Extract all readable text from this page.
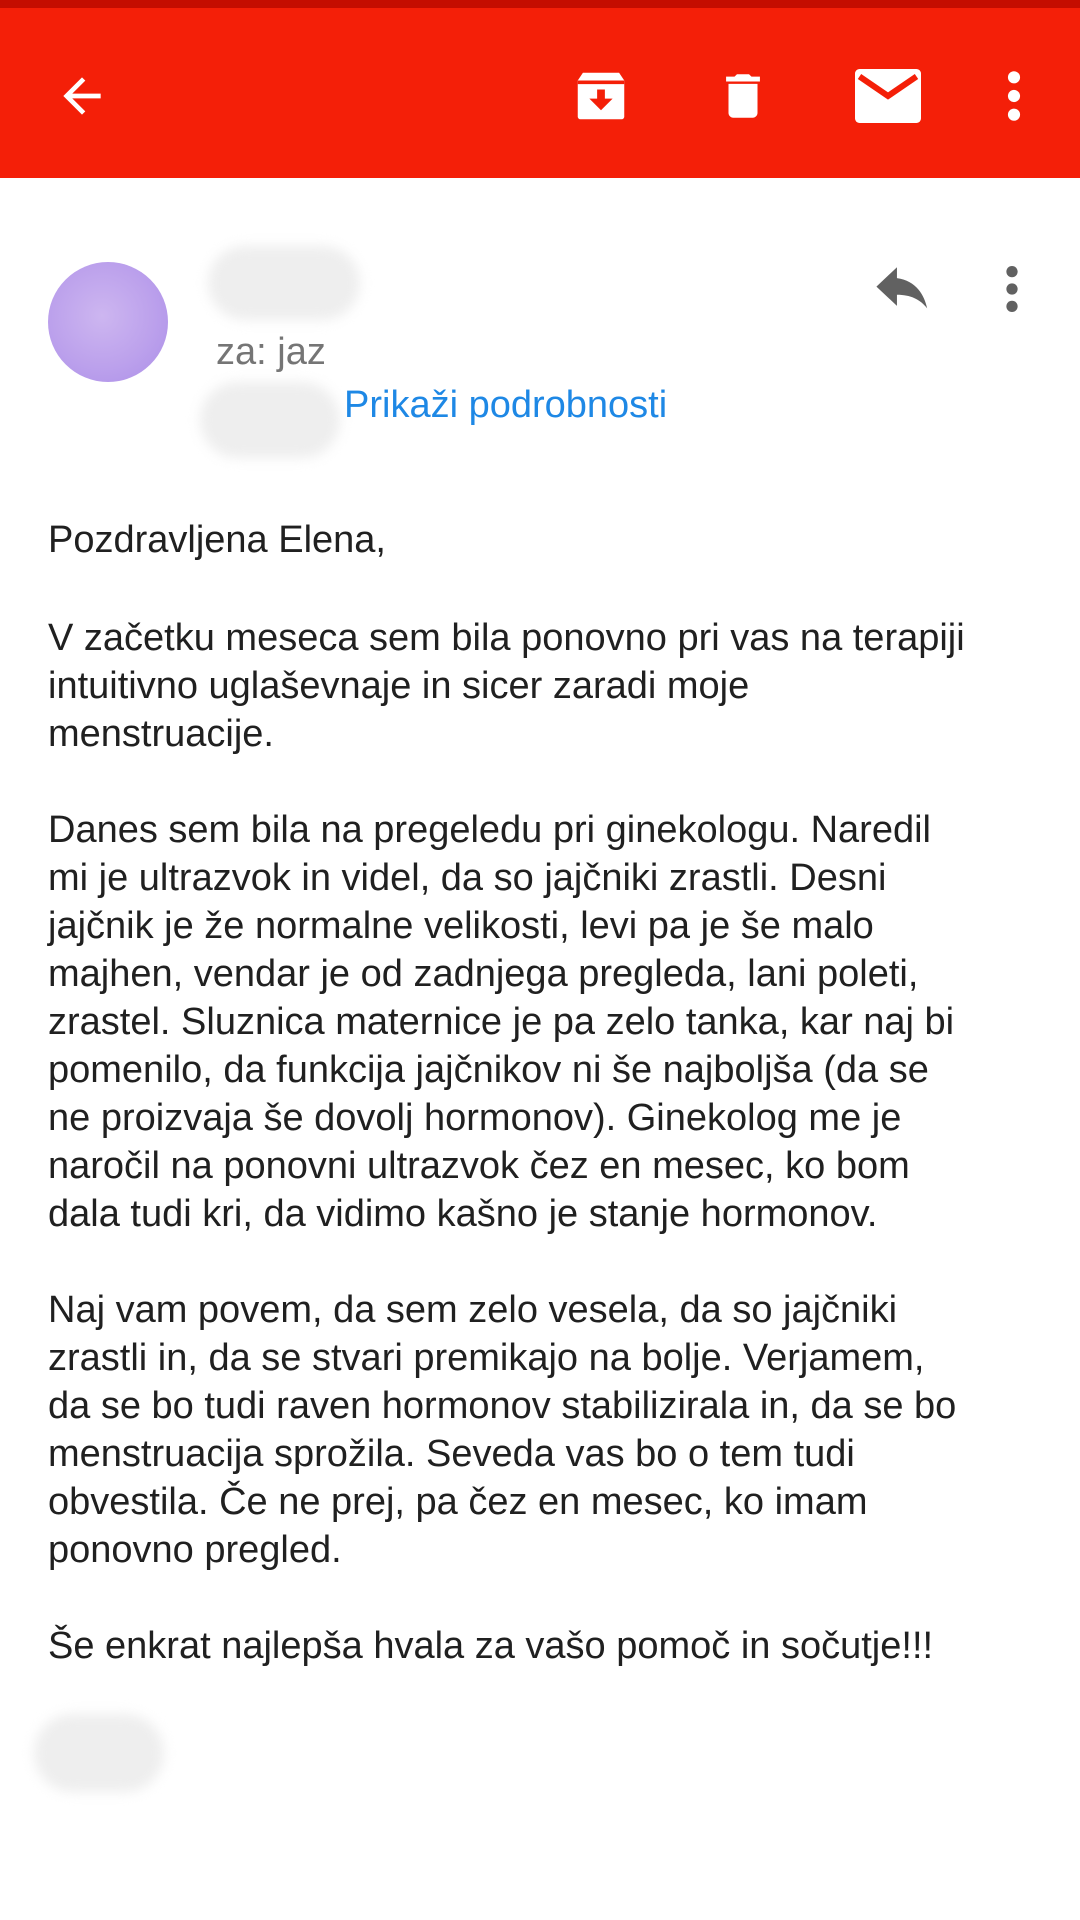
za: jaz
Prikaži podrobnosti

Pozdravljena Elena,

V začetku meseca sem bila ponovno pri vas na terapiji
intuitivno uglaševnaje in sicer zaradi moje
menstruacije.

Danes sem bila na pregeledu pri ginekologu. Naredil
mi je ultrazvok in videl, da so jajčniki zrastli. Desni
jajčnik je že normalne velikosti, levi pa je še malo
majhen, vendar je od zadnjega pregleda, lani poleti,
zrastel. Sluznica maternice je pa zelo tanka, kar naj bi
pomenilo, da funkcija jajčnikov ni še najboljša (da se
ne proizvaja še dovolj hormonov). Ginekolog me je
naročil na ponovni ultrazvok čez en mesec, ko bom
dala tudi kri, da vidimo kašno je stanje hormonov.

Naj vam povem, da sem zelo vesela, da so jajčniki
zrastli in, da se stvari premikajo na bolje. Verjamem,
da se bo tudi raven hormonov stabilizirala in, da se bo
menstruacija sprožila. Seveda vas bo o tem tudi
obvestila. Če ne prej, pa čez en mesec, ko imam
ponovno pregled.

Še enkrat najlepša hvala za vašo pomoč in sočutje!!!
